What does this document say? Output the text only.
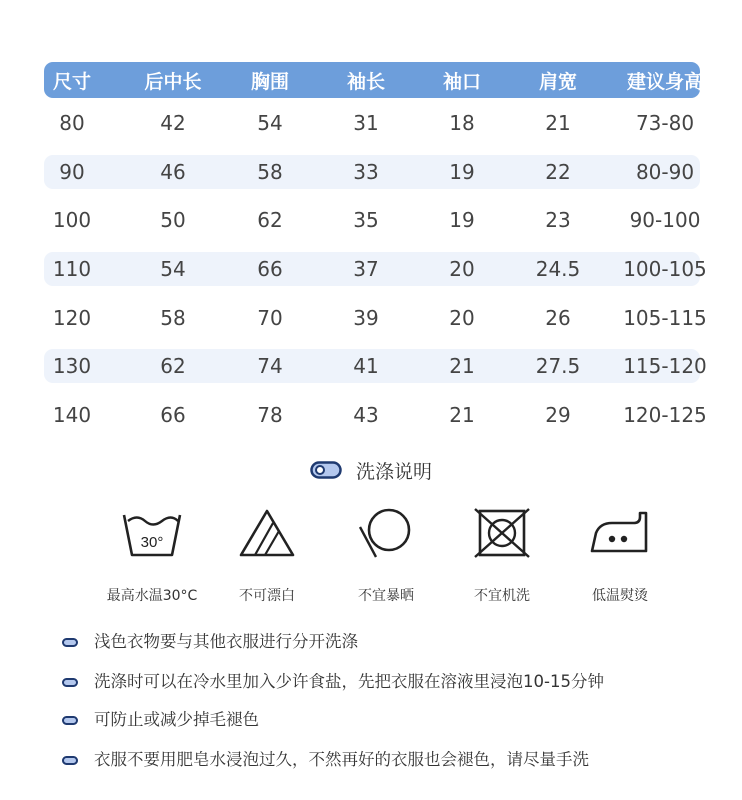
尺寸	后中长	胸围	袖长	袖口	肩宽	建议身高
80	42	54	31	18	21	73-80
90	46	58	33	19	22	80-90
100	50	62	35	19	23	90-100
110	54	66	37	20	24.5	100-105
120	58	70	39	20	26	105-115
130	62	74	41	21	27.5	115-120
140	66	78	43	21	29	120-125
洗涤说明
30°
最高水温30°C	不可漂白	不宜暴晒	不宜机洗	低温熨烫
浅色衣物要与其他衣服进行分开洗涤
洗涤时可以在冷水里加入少许食盐，先把衣服在溶液里浸泡10-15分钟
可防止或减少掉毛褪色
衣服不要用肥皂水浸泡过久，不然再好的衣服也会褪色，请尽量手洗
